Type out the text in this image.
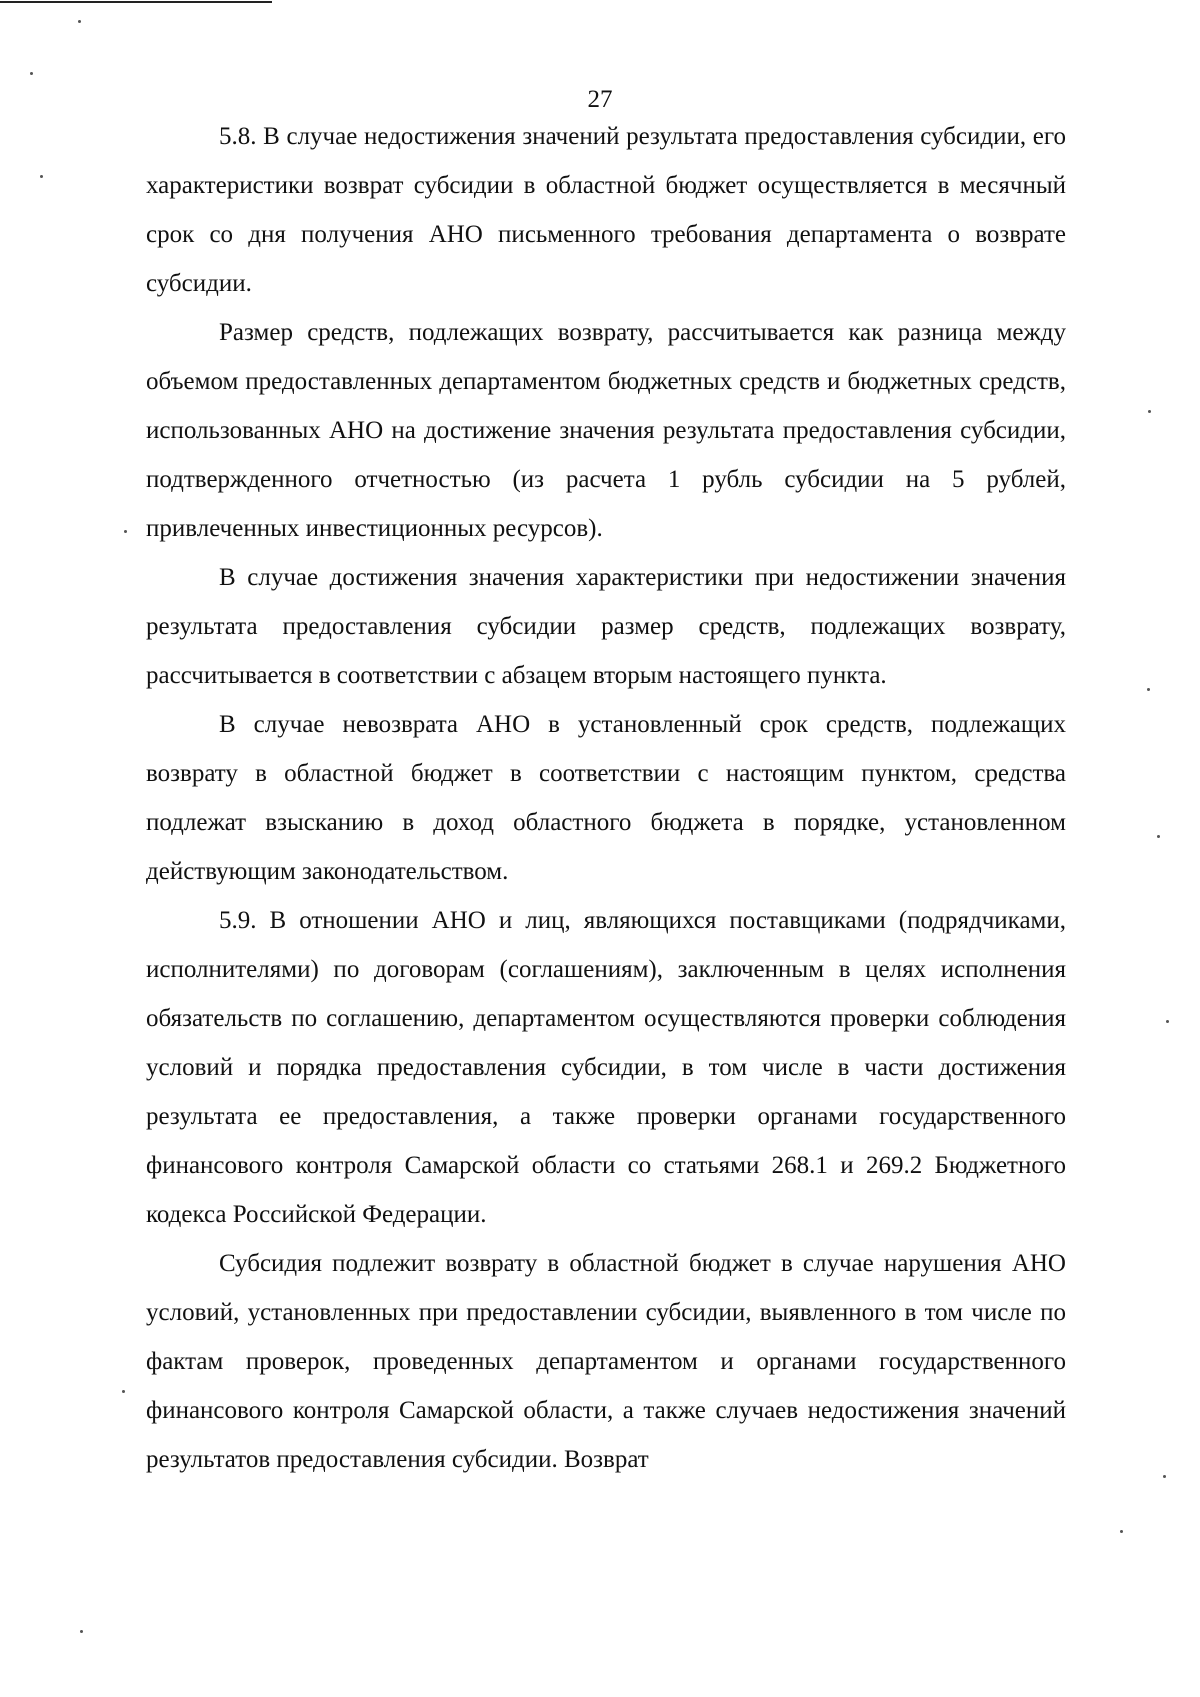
27

5.8. В случае недостижения значений результата предоставления субсидии, его характеристики возврат субсидии в областной бюджет осуществляется в месячный срок со дня получения АНО письменного требования департамента о возврате субсидии.

Размер средств, подлежащих возврату, рассчитывается как разница между объемом предоставленных департаментом бюджетных средств и бюджетных средств, использованных АНО на достижение значения результата предоставления субсидии, подтвержденного отчетностью (из расчета 1 рубль субсидии на 5 рублей, привлеченных инвестиционных ресурсов).

В случае достижения значения характеристики при недостижении значения результата предоставления субсидии размер средств, подлежащих возврату, рассчитывается в соответствии с абзацем вторым настоящего пункта.

В случае невозврата АНО в установленный срок средств, подлежащих возврату в областной бюджет в соответствии с настоящим пунктом, средства подлежат взысканию в доход областного бюджета в порядке, установленном действующим законодательством.

5.9. В отношении АНО и лиц, являющихся поставщиками (подрядчиками, исполнителями) по договорам (соглашениям), заключенным в целях исполнения обязательств по соглашению, департаментом осуществляются проверки соблюдения условий и порядка предоставления субсидии, в том числе в части достижения результата ее предоставления, а также проверки органами государственного финансового контроля Самарской области со статьями 268.1 и 269.2 Бюджетного кодекса Российской Федерации.

Субсидия подлежит возврату в областной бюджет в случае нарушения АНО условий, установленных при предоставлении субсидии, выявленного в том числе по фактам проверок, проведенных департаментом и органами государственного финансового контроля Самарской области, а также случаев недостижения значений результатов предоставления субсидии. Возврат
